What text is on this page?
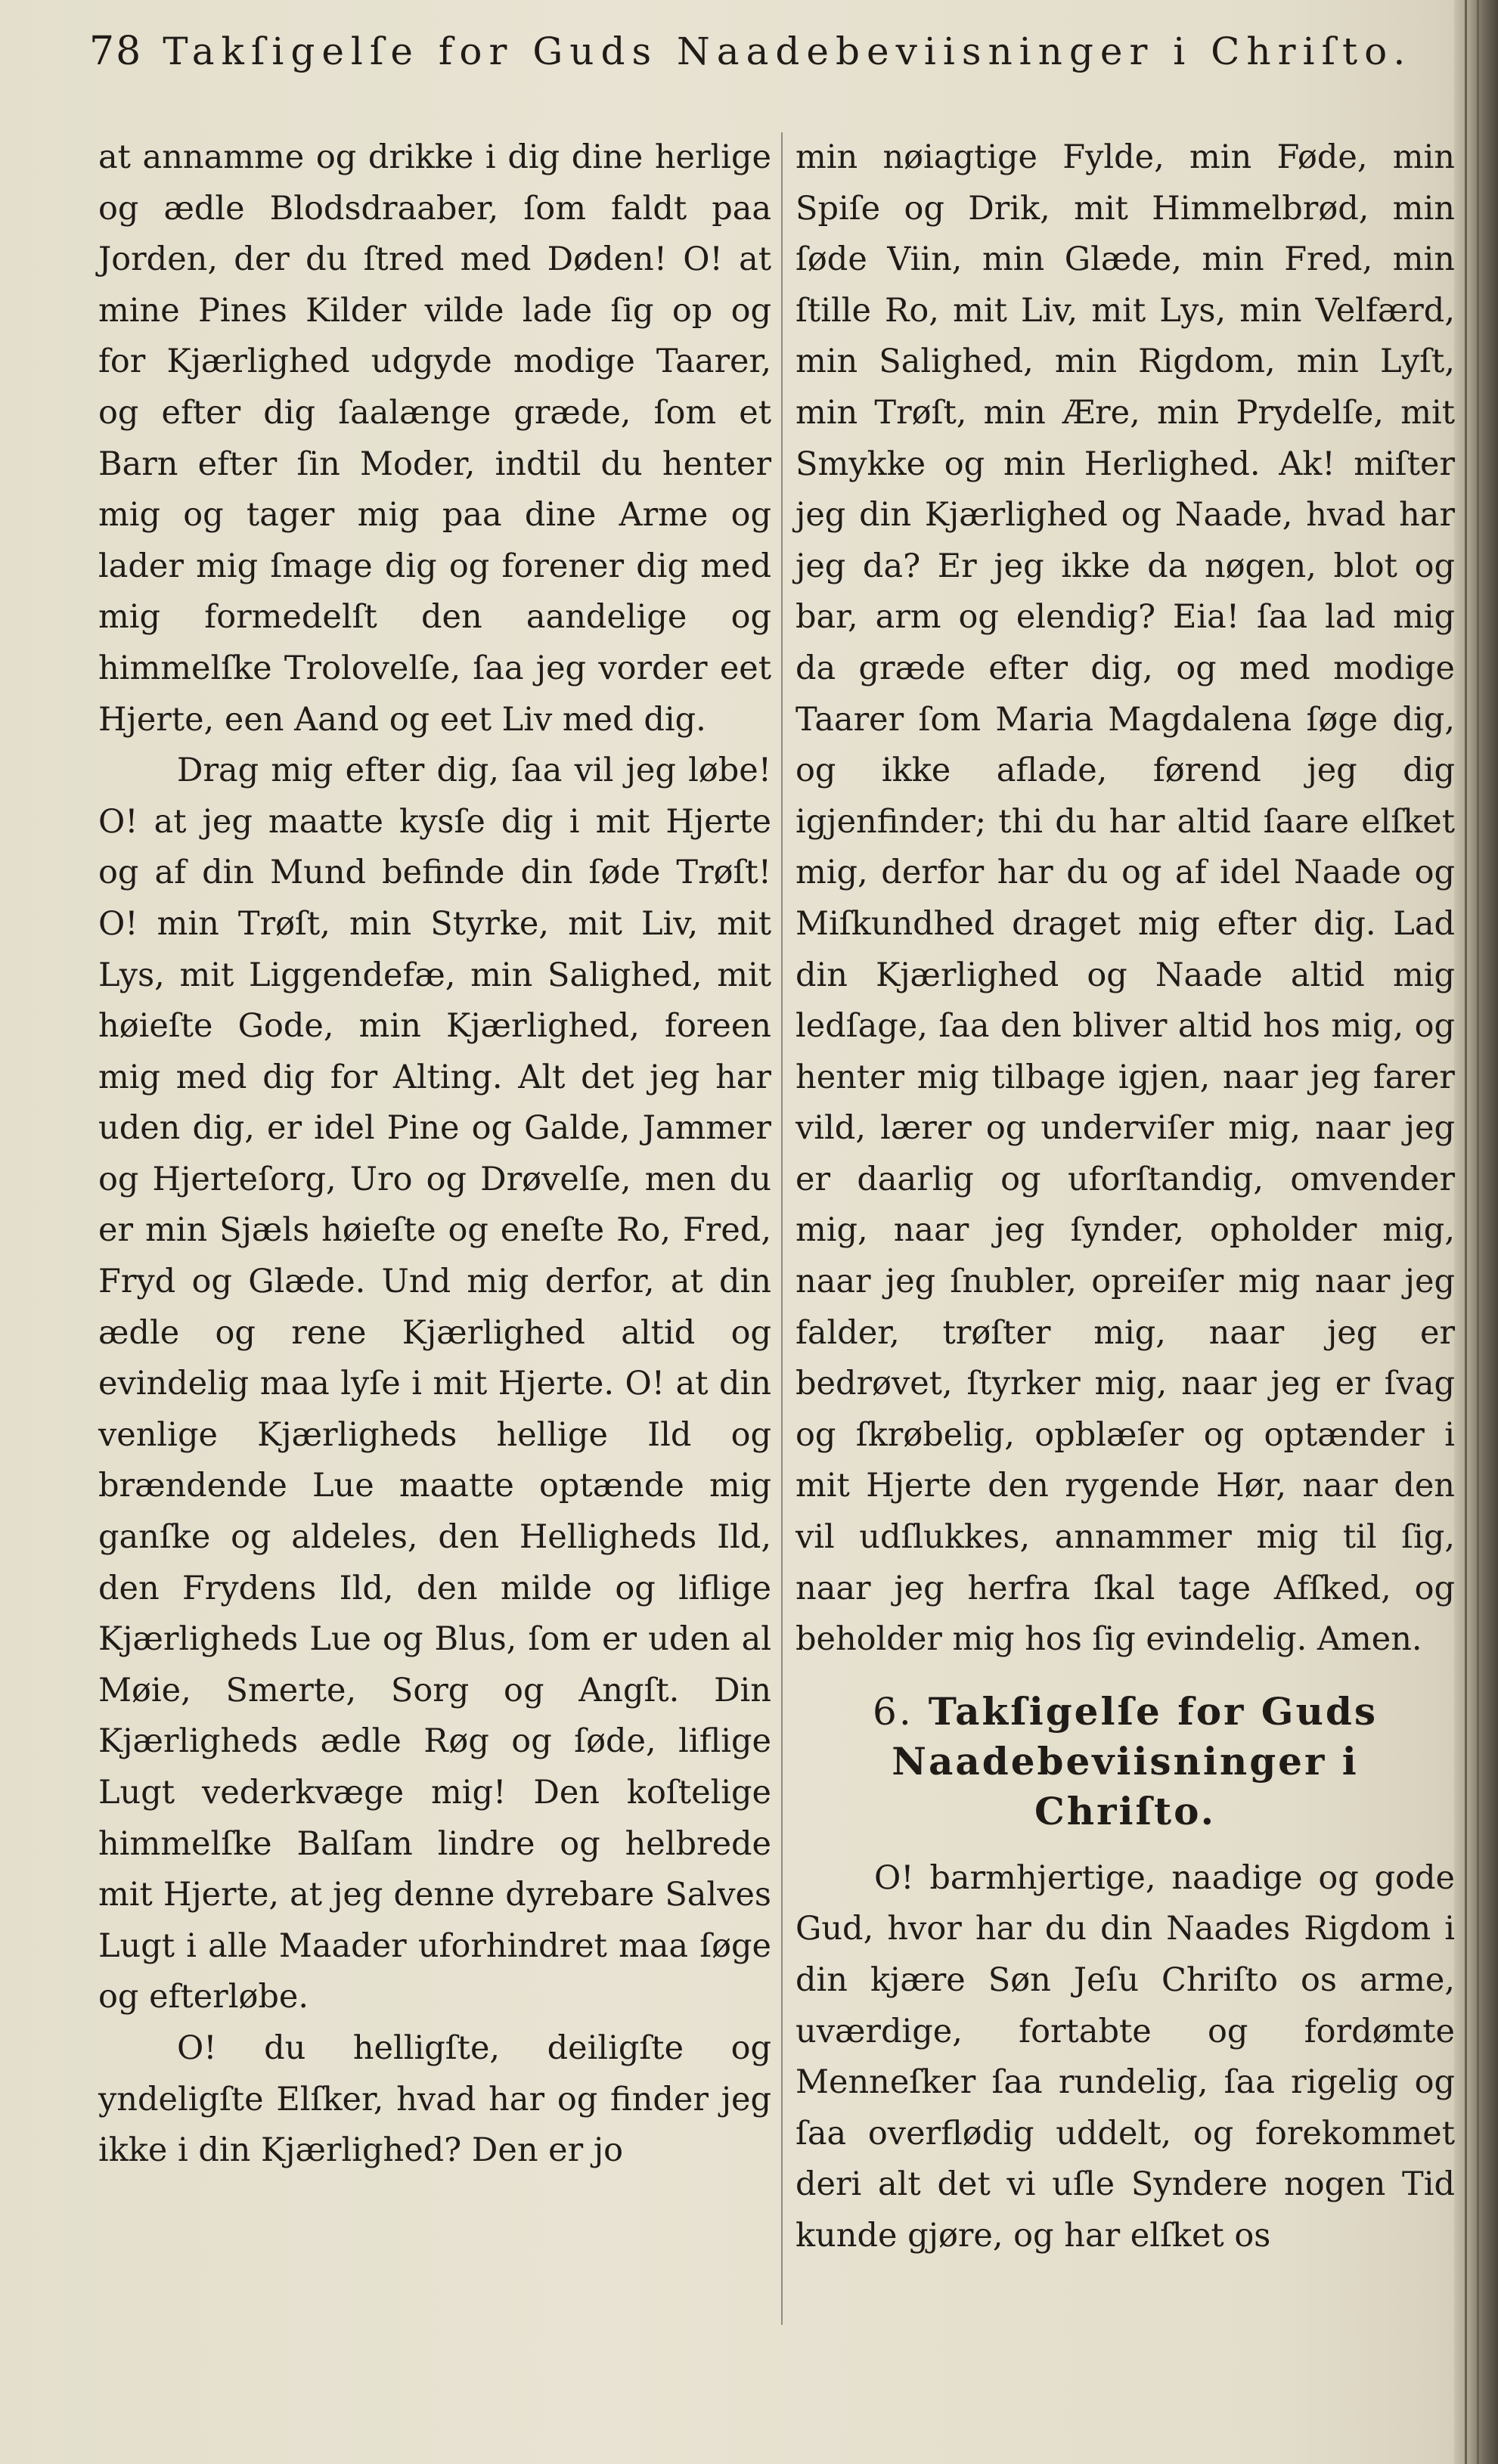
78 Takſigelſe for Guds Naadebeviisninger i Chriſto.

at annamme og drikke i dig dine herlige og ædle Blodsdraaber, ſom faldt paa Jorden, der du ſtred med Døden! O! at mine Pines Kilder vilde lade ſig op og for Kjærlighed udgyde modige Taarer, og efter dig ſaalænge græde, ſom et Barn efter ſin Moder, indtil du henter mig og tager mig paa dine Arme og lader mig ſmage dig og forener dig med mig formedelſt den aandelige og himmelſke Trolovelſe, ſaa jeg vorder eet Hjerte, een Aand og eet Liv med dig.

Drag mig efter dig, ſaa vil jeg løbe! O! at jeg maatte kysſe dig i mit Hjerte og af din Mund befinde din ſøde Trøſt! O! min Trøſt, min Styrke, mit Liv, mit Lys, mit Liggendefæ, min Salighed, mit høieſte Gode, min Kjærlighed, foreen mig med dig for Alting. Alt det jeg har uden dig, er idel Pine og Galde, Jammer og Hjerteſorg, Uro og Drøvelſe, men du er min Sjæls høieſte og eneſte Ro, Fred, Fryd og Glæde. Und mig derfor, at din ædle og rene Kjærlighed altid og evindelig maa lyſe i mit Hjerte. O! at din venlige Kjærligheds hellige Ild og brændende Lue maatte optænde mig ganſke og aldeles, den Helligheds Ild, den Frydens Ild, den milde og liflige Kjærligheds Lue og Blus, ſom er uden al Møie, Smerte, Sorg og Angſt. Din Kjærligheds ædle Røg og ſøde, liflige Lugt vederkvæge mig! Den koſtelige himmelſke Balſam lindre og helbrede mit Hjerte, at jeg denne dyrebare Salves Lugt i alle Maader uforhindret maa ſøge og efterløbe.

O! du helligſte, deiligſte og yndeligſte Elſker, hvad har og finder jeg ikke i din Kjærlighed? Den er jo

min nøiagtige Fylde, min Føde, min Spiſe og Drik, mit Himmelbrød, min ſøde Viin, min Glæde, min Fred, min ſtille Ro, mit Liv, mit Lys, min Velfærd, min Salighed, min Rigdom, min Lyſt, min Trøſt, min Ære, min Prydelſe, mit Smykke og min Herlighed. Ak! miſter jeg din Kjærlighed og Naade, hvad har jeg da? Er jeg ikke da nøgen, blot og bar, arm og elendig? Eia! ſaa lad mig da græde efter dig, og med modige Taarer ſom Maria Magdalena ſøge dig, og ikke aflade, førend jeg dig igjenfinder; thi du har altid ſaare elſket mig, derfor har du og af idel Naade og Miſkundhed draget mig efter dig. Lad din Kjærlighed og Naade altid mig ledſage, ſaa den bliver altid hos mig, og henter mig tilbage igjen, naar jeg farer vild, lærer og underviſer mig, naar jeg er daarlig og uforſtandig, omvender mig, naar jeg ſynder, opholder mig, naar jeg ſnubler, opreiſer mig naar jeg falder, trøſter mig, naar jeg er bedrøvet, ſtyrker mig, naar jeg er ſvag og ſkrøbelig, opblæſer og optænder i mit Hjerte den rygende Hør, naar den vil udſlukkes, annammer mig til ſig, naar jeg herfra ſkal tage Afſked, og beholder mig hos ſig evindelig. Amen.

6. Takſigelſe for Guds Naadebeviisninger i Chriſto.

O! barmhjertige, naadige og gode Gud, hvor har du din Naades Rigdom i din kjære Søn Jeſu Chriſto os arme, uværdige, fortabte og fordømte Menneſker ſaa rundelig, ſaa rigelig og ſaa overflødig uddelt, og forekommet deri alt det vi uſle Syndere nogen Tid kunde gjøre, og har elſket os
